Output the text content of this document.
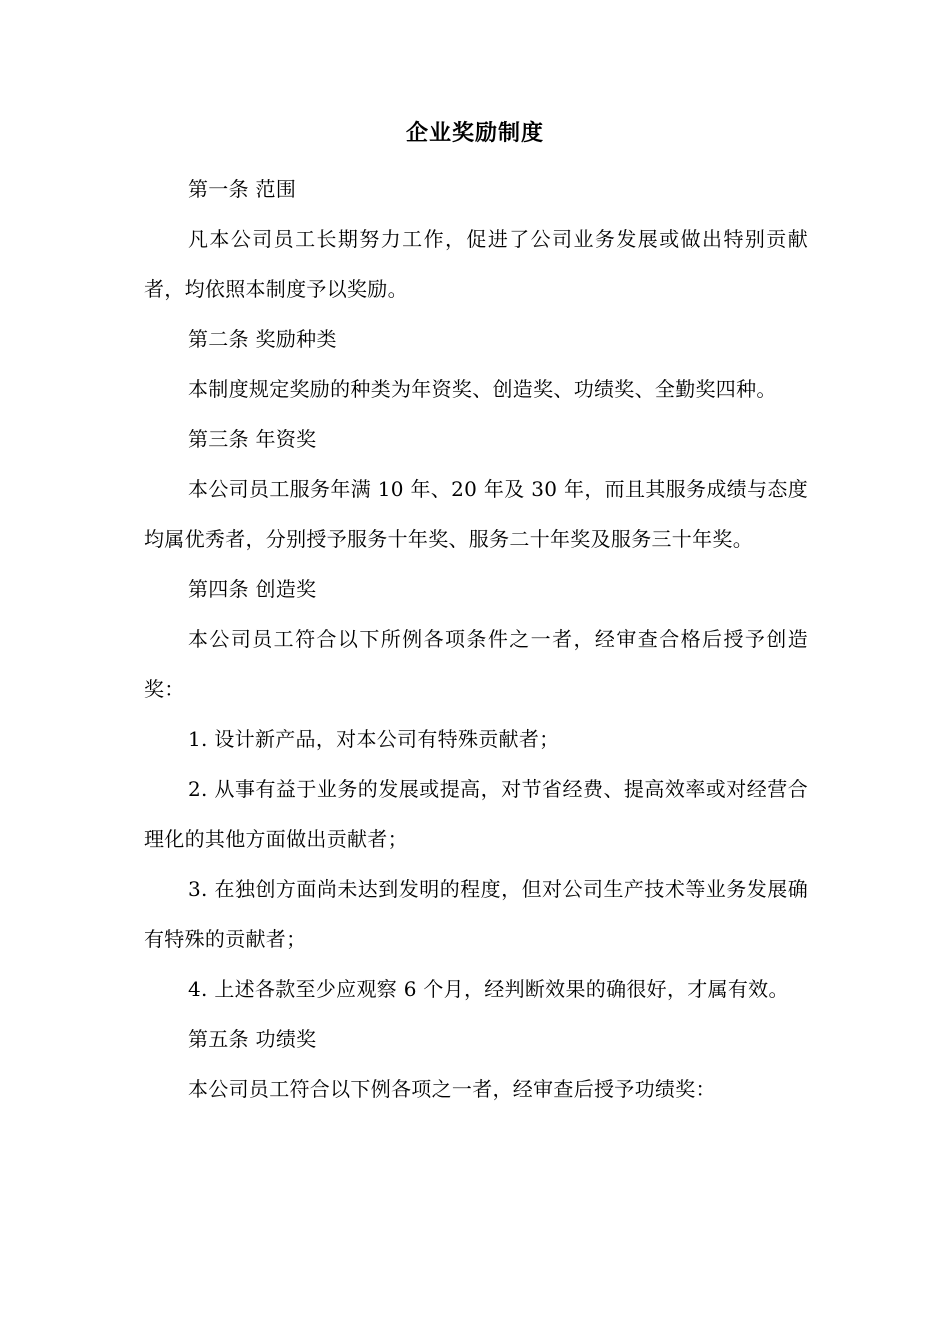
企业奖励制度

第一条 范围

凡本公司员工长期努力工作，促进了公司业务发展或做出特别贡献者，均依照本制度予以奖励。

第二条 奖励种类

本制度规定奖励的种类为年资奖、创造奖、功绩奖、全勤奖四种。

第三条 年资奖

本公司员工服务年满 10 年、20 年及 30 年，而且其服务成绩与态度均属优秀者，分别授予服务十年奖、服务二十年奖及服务三十年奖。

第四条 创造奖

本公司员工符合以下所例各项条件之一者，经审查合格后授予创造奖：

1. 设计新产品，对本公司有特殊贡献者；

2. 从事有益于业务的发展或提高，对节省经费、提高效率或对经营合理化的其他方面做出贡献者；

3. 在独创方面尚未达到发明的程度，但对公司生产技术等业务发展确有特殊的贡献者；

4. 上述各款至少应观察 6 个月，经判断效果的确很好，才属有效。

第五条 功绩奖

本公司员工符合以下例各项之一者，经审查后授予功绩奖：
